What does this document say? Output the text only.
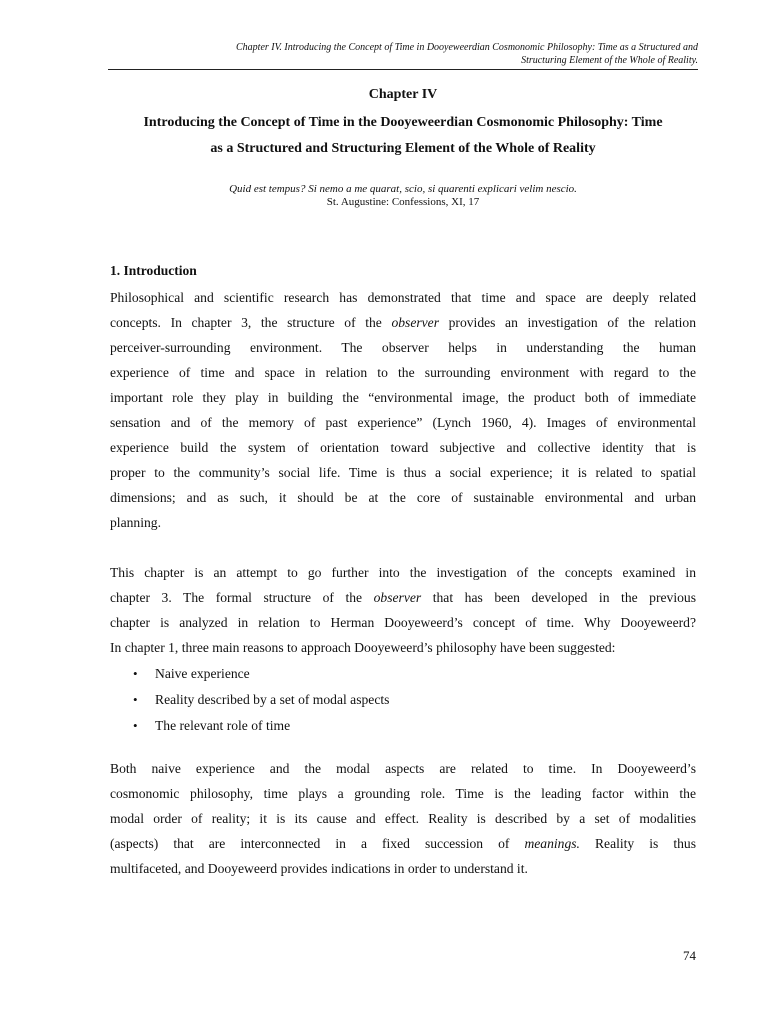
Chapter IV. Introducing the Concept of Time in Dooyeweerdian Cosmonomic Philosophy: Time as a Structured and
Structuring Element of the Whole of Reality.
Chapter IV
Introducing the Concept of Time in the Dooyeweerdian Cosmonomic Philosophy: Time
as a Structured and Structuring Element of the Whole of Reality
Quid est tempus? Si nemo a me quarat, scio, si quarenti explicari velim nescio.
St. Augustine: Confessions, XI, 17
1. Introduction
Philosophical and scientific research has demonstrated that time and space are deeply related
concepts. In chapter 3, the structure of the observer provides an investigation of the relation
perceiver-surrounding environment. The observer helps in understanding the human
experience of time and space in relation to the surrounding environment with regard to the
important role they play in building the “environmental image, the product both of immediate
sensation and of the memory of past experience” (Lynch 1960, 4). Images of environmental
experience build the system of orientation toward subjective and collective identity that is
proper to the community’s social life. Time is thus a social experience; it is related to spatial
dimensions; and as such, it should be at the core of sustainable environmental and urban
planning.
This chapter is an attempt to go further into the investigation of the concepts examined in
chapter 3. The formal structure of the observer that has been developed in the previous
chapter is analyzed in relation to Herman Dooyeweerd’s concept of time. Why Dooyeweerd?
In chapter 1, three main reasons to approach Dooyeweerd’s philosophy have been suggested:
• Naive experience
• Reality described by a set of modal aspects
• The relevant role of time
Both naive experience and the modal aspects are related to time. In Dooyeweerd’s
cosmonomic philosophy, time plays a grounding role. Time is the leading factor within the
modal order of reality; it is its cause and effect. Reality is described by a set of modalities
(aspects) that are interconnected in a fixed succession of meanings. Reality is thus
multifaceted, and Dooyeweerd provides indications in order to understand it.
74
